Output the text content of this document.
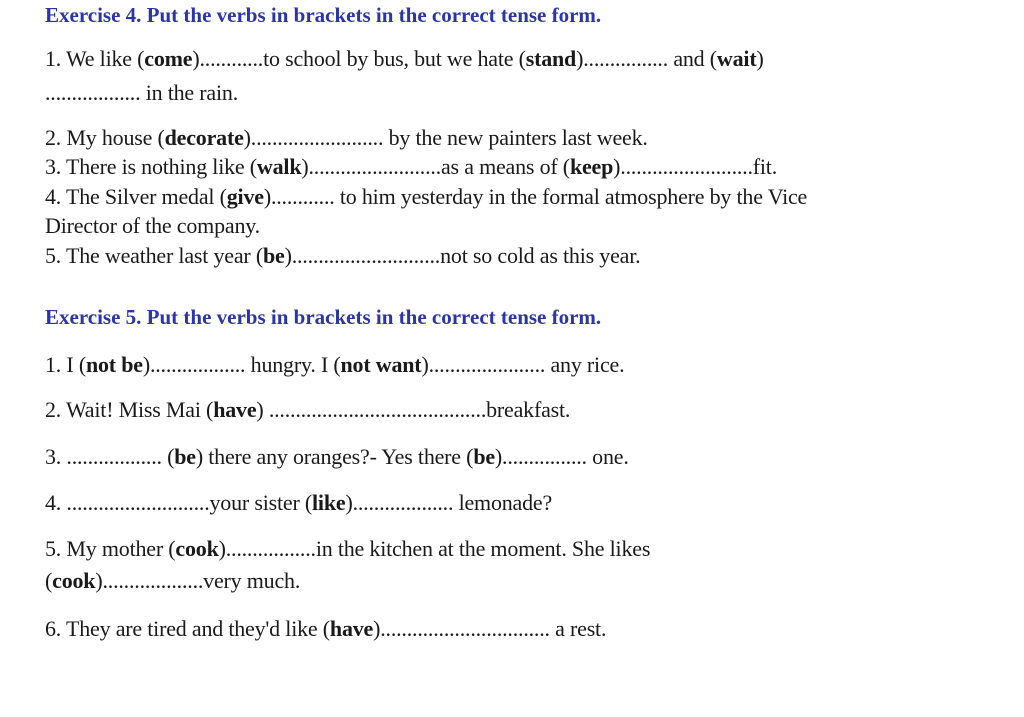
Exercise 4. Put the verbs in brackets in the correct tense form.
1. We like (come)............to school by bus, but we hate (stand)................ and (wait)
.................. in the rain.
2. My house (decorate)......................... by the new painters last week.
3. There is nothing like (walk).........................as a means of (keep).........................fit.
4. The Silver medal (give)............ to him yesterday in the formal atmosphere by the Vice
Director of the company.
5. The weather last year (be)............................not so cold as this year.
Exercise 5. Put the verbs in brackets in the correct tense form.
1. I (not be).................. hungry. I (not want)...................... any rice.
2. Wait! Miss Mai (have) .........................................breakfast.
3. .................. (be) there any oranges?- Yes there (be)................ one.
4. ...........................your sister (like)................... lemonade?
5. My mother (cook).................in the kitchen at the moment. She likes
(cook)...................very much.
6. They are tired and they'd like (have)................................ a rest.
